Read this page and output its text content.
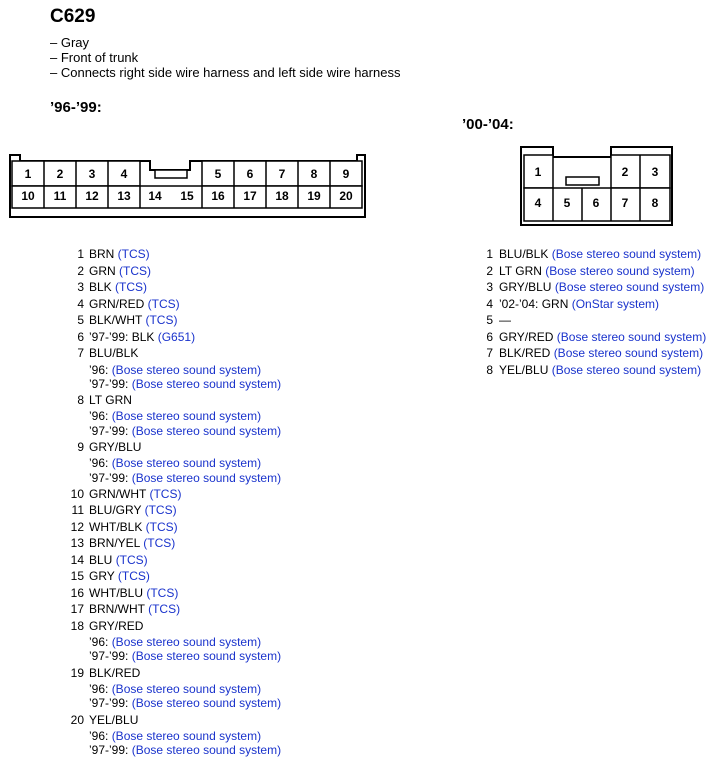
C629
– Gray
– Front of trunk
– Connects right side wire harness and left side wire harness
’96-’99:
’00-’04:
1 2 3 4	5 6 7 8 9
10 11 12 13 14 15 16 17 18 19 20
1	2 3
4 5 6 7 8
1 BRN (TCS)
2 GRN (TCS)
3 BLK (TCS)
4 GRN/RED (TCS)
5 BLK/WHT (TCS)
6 ’97-’99: BLK (G651)
7 BLU/BLK
’96: (Bose stereo sound system)
’97-’99: (Bose stereo sound system)
8 LT GRN
’96: (Bose stereo sound system)
’97-’99: (Bose stereo sound system)
9 GRY/BLU
’96: (Bose stereo sound system)
’97-’99: (Bose stereo sound system)
10 GRN/WHT (TCS)
11 BLU/GRY (TCS)
12 WHT/BLK (TCS)
13 BRN/YEL (TCS)
14 BLU (TCS)
15 GRY (TCS)
16 WHT/BLU (TCS)
17 BRN/WHT (TCS)
18 GRY/RED
’96: (Bose stereo sound system)
’97-’99: (Bose stereo sound system)
19 BLK/RED
’96: (Bose stereo sound system)
’97-’99: (Bose stereo sound system)
20 YEL/BLU
’96: (Bose stereo sound system)
’97-’99: (Bose stereo sound system)
1 BLU/BLK (Bose stereo sound system)
2 LT GRN (Bose stereo sound system)
3 GRY/BLU (Bose stereo sound system)
4 ’02-’04: GRN (OnStar system)
5 —
6 GRY/RED (Bose stereo sound system)
7 BLK/RED (Bose stereo sound system)
8 YEL/BLU (Bose stereo sound system)
